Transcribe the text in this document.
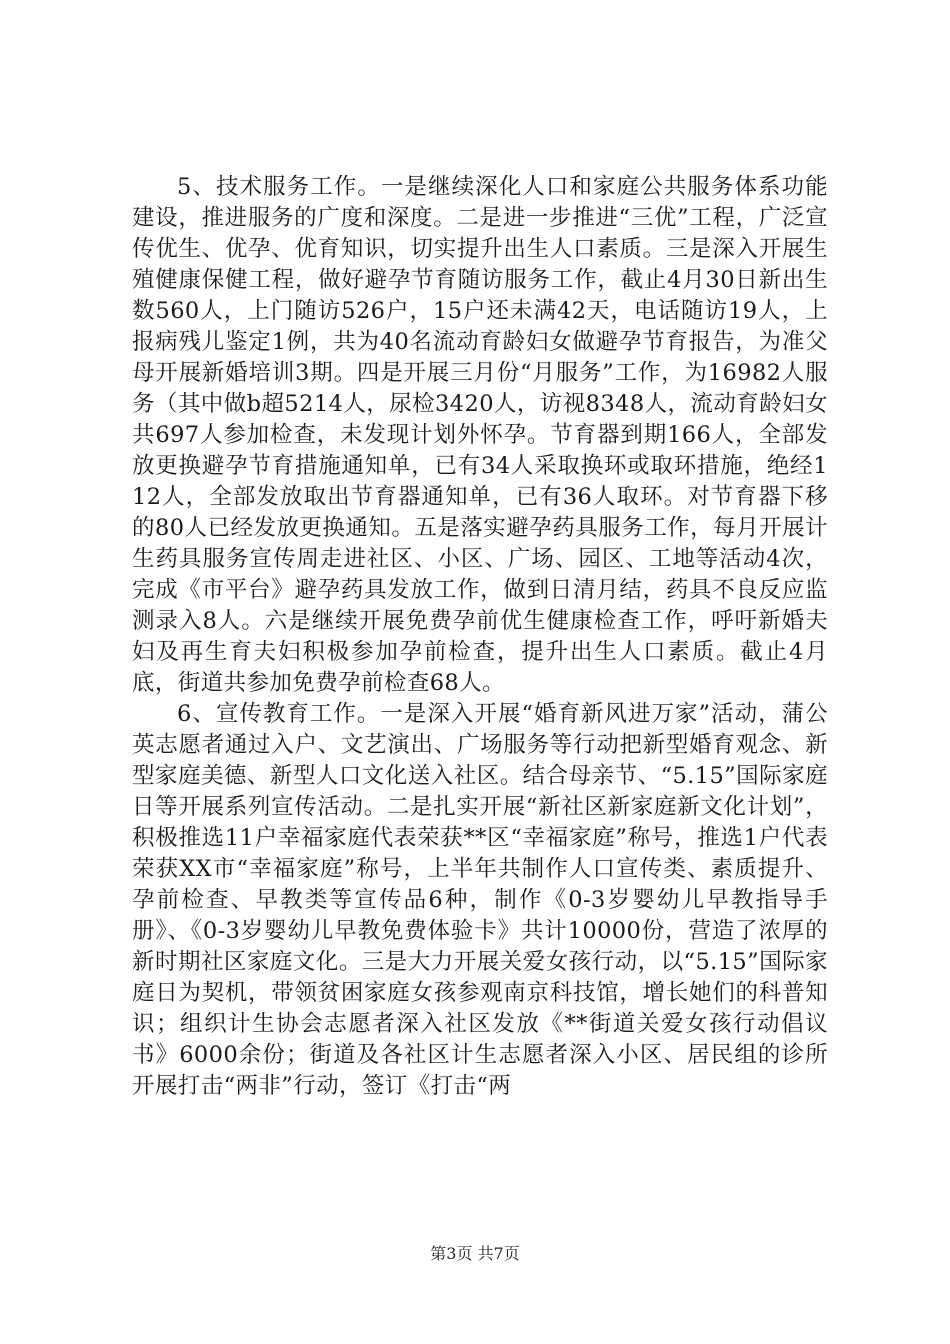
5、技术服务工作。一是继续深化人口和家庭公共服务体系功能建设，推进服务的广度和深度。二是进一步推进“三优”工程，广泛宣传优生、优孕、优育知识，切实提升出生人口素质。三是深入开展生殖健康保健工程，做好避孕节育随访服务工作，截止4月30日新出生数560人，上门随访526户，15户还未满42天，电话随访19人，上报病残儿鉴定1例，共为40名流动育龄妇女做避孕节育报告，为准父母开展新婚培训3期。四是开展三月份“月服务”工作，为16982人服务（其中做b超5214人，尿检3420人，访视8348人，流动育龄妇女共697人参加检查，未发现计划外怀孕。节育器到期166人，全部发放更换避孕节育措施通知单，已有34人采取换环或取环措施，绝经112人，全部发放取出节育器通知单，已有36人取环。对节育器下移的80人已经发放更换通知。五是落实避孕药具服务工作，每月开展计生药具服务宣传周走进社区、小区、广场、园区、工地等活动4次，完成《市平台》避孕药具发放工作，做到日清月结，药具不良反应监测录入8人。六是继续开展免费孕前优生健康检查工作，呼吁新婚夫妇及再生育夫妇积极参加孕前检查，提升出生人口素质。截止4月底，街道共参加免费孕前检查68人。

6、宣传教育工作。一是深入开展“婚育新风进万家”活动，蒲公英志愿者通过入户、文艺演出、广场服务等行动把新型婚育观念、新型家庭美德、新型人口文化送入社区。结合母亲节、“5.15”国际家庭日等开展系列宣传活动。二是扎实开展“新社区新家庭新文化计划”，积极推选11户幸福家庭代表荣获**区“幸福家庭”称号，推选1户代表荣获XX市“幸福家庭”称号，上半年共制作人口宣传类、素质提升、孕前检查、早教类等宣传品6种，制作《0-3岁婴幼儿早教指导手册》、《0-3岁婴幼儿早教免费体验卡》共计10000份，营造了浓厚的新时期社区家庭文化。三是大力开展关爱女孩行动，以“5.15”国际家庭日为契机，带领贫困家庭女孩参观南京科技馆，增长她们的科普知识；组织计生协会志愿者深入社区发放《**街道关爱女孩行动倡议书》6000余份；街道及各社区计生志愿者深入小区、居民组的诊所开展打击“两非”行动，签订《打击“两

第3页 共7页
